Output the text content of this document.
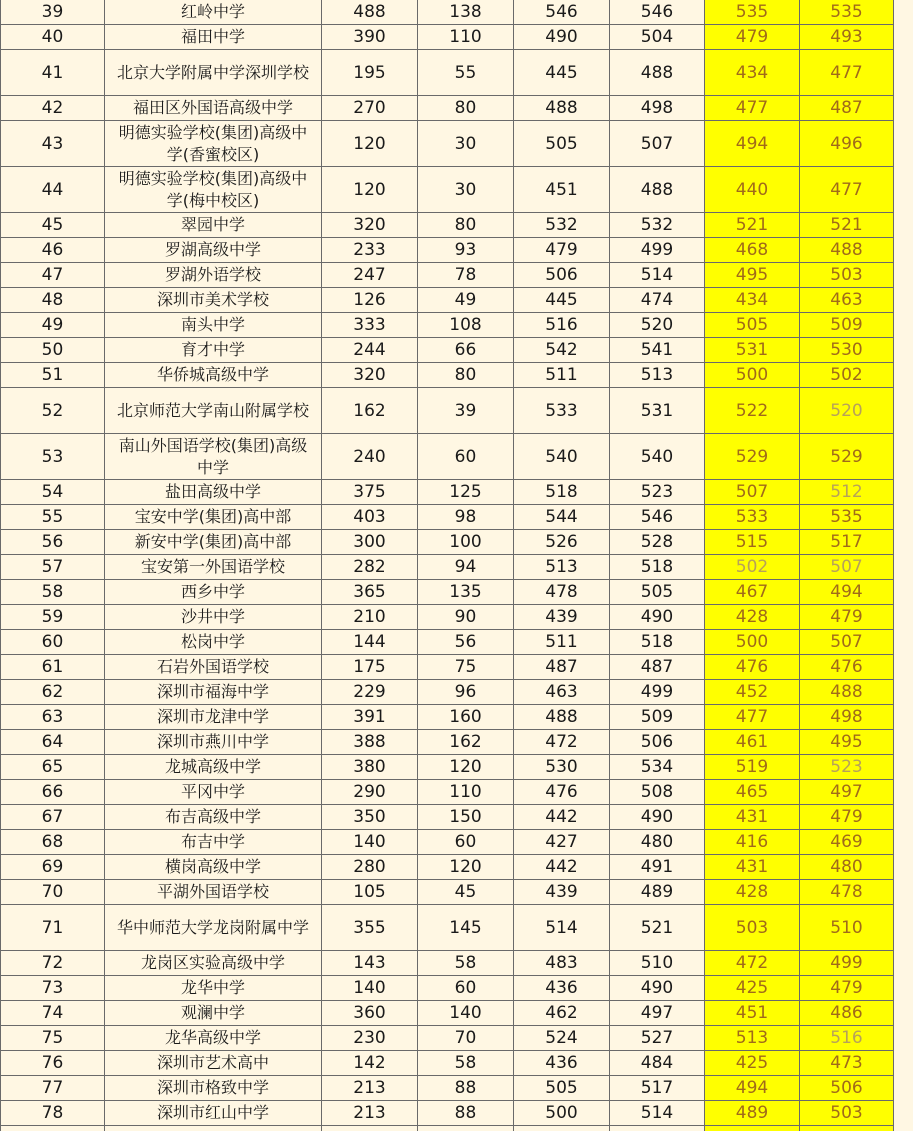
39	红岭中学	488	138	546	546	535	535
40	福田中学	390	110	490	504	479	493
41	北京大学附属中学深圳学校	195	55	445	488	434	477
42	福田区外国语高级中学	270	80	488	498	477	487
43	明德实验学校(集团)高级中学(香蜜校区)	120	30	505	507	494	496
44	明德实验学校(集团)高级中学(梅中校区)	120	30	451	488	440	477
45	翠园中学	320	80	532	532	521	521
46	罗湖高级中学	233	93	479	499	468	488
47	罗湖外语学校	247	78	506	514	495	503
48	深圳市美术学校	126	49	445	474	434	463
49	南头中学	333	108	516	520	505	509
50	育才中学	244	66	542	541	531	530
51	华侨城高级中学	320	80	511	513	500	502
52	北京师范大学南山附属学校	162	39	533	531	522	520
53	南山外国语学校(集团)高级中学	240	60	540	540	529	529
54	盐田高级中学	375	125	518	523	507	512
55	宝安中学(集团)高中部	403	98	544	546	533	535
56	新安中学(集团)高中部	300	100	526	528	515	517
57	宝安第一外国语学校	282	94	513	518	502	507
58	西乡中学	365	135	478	505	467	494
59	沙井中学	210	90	439	490	428	479
60	松岗中学	144	56	511	518	500	507
61	石岩外国语学校	175	75	487	487	476	476
62	深圳市福海中学	229	96	463	499	452	488
63	深圳市龙津中学	391	160	488	509	477	498
64	深圳市燕川中学	388	162	472	506	461	495
65	龙城高级中学	380	120	530	534	519	523
66	平冈中学	290	110	476	508	465	497
67	布吉高级中学	350	150	442	490	431	479
68	布吉中学	140	60	427	480	416	469
69	横岗高级中学	280	120	442	491	431	480
70	平湖外国语学校	105	45	439	489	428	478
71	华中师范大学龙岗附属中学	355	145	514	521	503	510
72	龙岗区实验高级中学	143	58	483	510	472	499
73	龙华中学	140	60	436	490	425	479
74	观澜中学	360	140	462	497	451	486
75	龙华高级中学	230	70	524	527	513	516
76	深圳市艺术高中	142	58	436	484	425	473
77	深圳市格致中学	213	88	505	517	494	506
78	深圳市红山中学	213	88	500	514	489	503
